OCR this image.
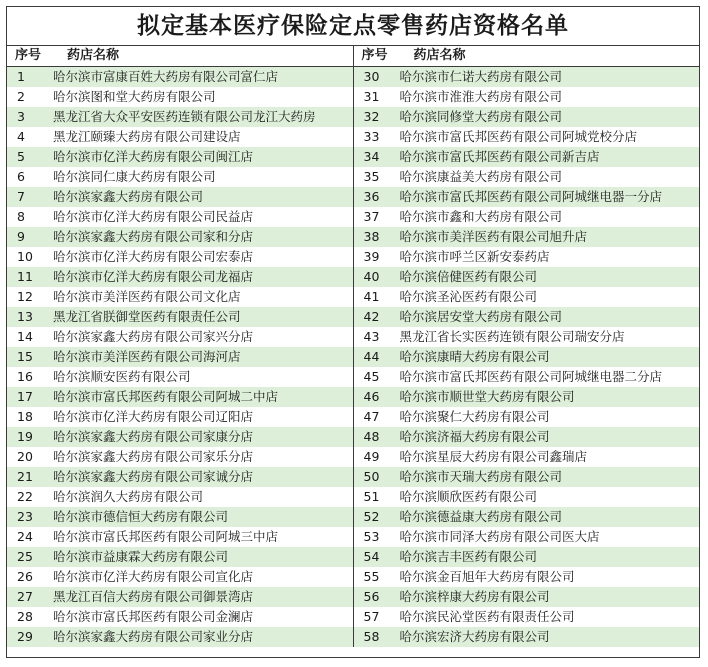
拟定基本医疗保险定点零售药店资格名单
序号	药店名称
1	哈尔滨市富康百姓大药房有限公司富仁店
2	哈尔滨图和堂大药房有限公司
3	黑龙江省大众平安医药连锁有限公司龙江大药房
4	黑龙江颐臻大药房有限公司建设店
5	哈尔滨市亿洋大药房有限公司闽江店
6	哈尔滨同仁康大药房有限公司
7	哈尔滨家鑫大药房有限公司
8	哈尔滨市亿洋大药房有限公司民益店
9	哈尔滨家鑫大药房有限公司家和分店
10	哈尔滨市亿洋大药房有限公司宏泰店
11	哈尔滨市亿洋大药房有限公司龙福店
12	哈尔滨市美洋医药有限公司文化店
13	黑龙江省朕御堂医药有限责任公司
14	哈尔滨家鑫大药房有限公司家兴分店
15	哈尔滨市美洋医药有限公司海河店
16	哈尔滨顺安医药有限公司
17	哈尔滨市富氏邦医药有限公司阿城二中店
18	哈尔滨市亿洋大药房有限公司辽阳店
19	哈尔滨家鑫大药房有限公司家康分店
20	哈尔滨家鑫大药房有限公司家乐分店
21	哈尔滨家鑫大药房有限公司家诚分店
22	哈尔滨润久大药房有限公司
23	哈尔滨市德信恒大药房有限公司
24	哈尔滨市富氏邦医药有限公司阿城三中店
25	哈尔滨市益康霖大药房有限公司
26	哈尔滨市亿洋大药房有限公司宣化店
27	黑龙江百信大药房有限公司御景湾店
28	哈尔滨市富氏邦医药有限公司金澜店
29	哈尔滨家鑫大药房有限公司家业分店
序号	药店名称
30	哈尔滨市仁诺大药房有限公司
31	哈尔滨市淮淮大药房有限公司
32	哈尔滨同修堂大药房有限公司
33	哈尔滨市富氏邦医药有限公司阿城党校分店
34	哈尔滨市富氏邦医药有限公司新吉店
35	哈尔滨康益美大药房有限公司
36	哈尔滨市富氏邦医药有限公司阿城继电器一分店
37	哈尔滨市鑫和大药房有限公司
38	哈尔滨市美洋医药有限公司旭升店
39	哈尔滨市呼兰区新安泰药店
40	哈尔滨倍健医药有限公司
41	哈尔滨圣沁医药有限公司
42	哈尔滨居安堂大药房有限公司
43	黑龙江省长实医药连锁有限公司瑞安分店
44	哈尔滨康晴大药房有限公司
45	哈尔滨市富氏邦医药有限公司阿城继电器二分店
46	哈尔滨市顺世堂大药房有限公司
47	哈尔滨聚仁大药房有限公司
48	哈尔滨济福大药房有限公司
49	哈尔滨星辰大药房有限公司鑫瑞店
50	哈尔滨市天瑞大药房有限公司
51	哈尔滨顺欣医药有限公司
52	哈尔滨德益康大药房有限公司
53	哈尔滨市同泽大药房有限公司医大店
54	哈尔滨吉丰医药有限公司
55	哈尔滨金百旭年大药房有限公司
56	哈尔滨梓康大药房有限公司
57	哈尔滨民沁堂医药有限责任公司
58	哈尔滨宏济大药房有限公司
